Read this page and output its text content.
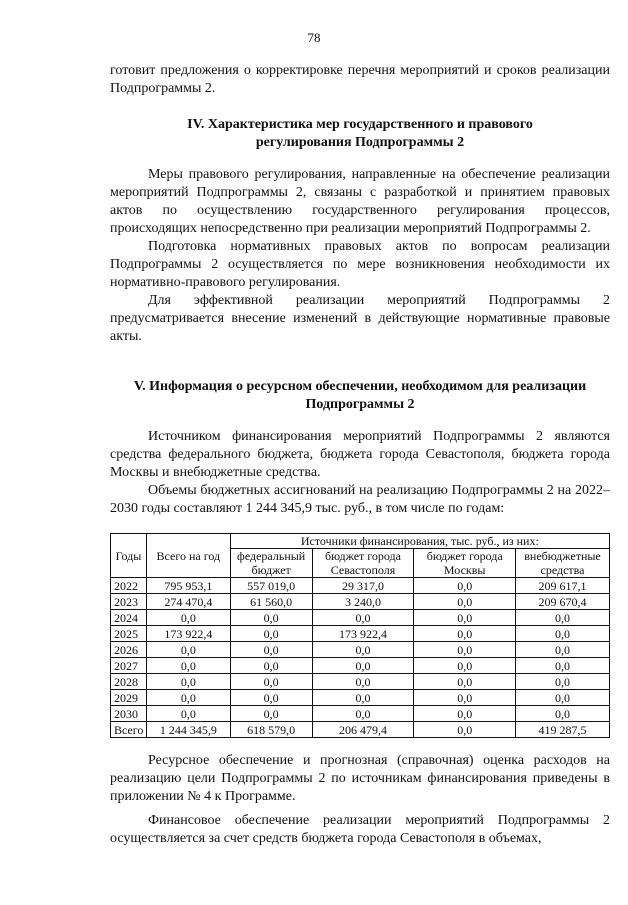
78

готовит предложения о корректировке перечня мероприятий и сроков реализации Подпрограммы 2.

IV. Характеристика мер государственного и правового
регулирования Подпрограммы 2

Меры правового регулирования, направленные на обеспечение реализации мероприятий Подпрограммы 2, связаны с разработкой и принятием правовых актов по осуществлению государственного регулирования процессов, происходящих непосредственно при реализации мероприятий Подпрограммы 2.

Подготовка нормативных правовых актов по вопросам реализации Подпрограммы 2 осуществляется по мере возникновения необходимости их нормативно-правового регулирования.

Для эффективной реализации мероприятий Подпрограммы 2 предусматривается внесение изменений в действующие нормативные правовые акты.

V. Информация о ресурсном обеспечении, необходимом для реализации
Подпрограммы 2

Источником финансирования мероприятий Подпрограммы 2 являются средства федерального бюджета, бюджета города Севастополя, бюджета города Москвы и внебюджетные средства.

Объемы бюджетных ассигнований на реализацию Подпрограммы 2 на 2022–2030 годы составляют 1 244 345,9 тыс. руб., в том числе по годам:

Годы	Всего на год	Источники финансирования, тыс. руб., из них:			
		федеральный бюджет	бюджет города Севастополя	бюджет города Москвы	внебюджетные средства
2022	795 953,1	557 019,0	29 317,0	0,0	209 617,1
2023	274 470,4	61 560,0	3 240,0	0,0	209 670,4
2024	0,0	0,0	0,0	0,0	0,0
2025	173 922,4	0,0	173 922,4	0,0	0,0
2026	0,0	0,0	0,0	0,0	0,0
2027	0,0	0,0	0,0	0,0	0,0
2028	0,0	0,0	0,0	0,0	0,0
2029	0,0	0,0	0,0	0,0	0,0
2030	0,0	0,0	0,0	0,0	0,0
Всего	1 244 345,9	618 579,0	206 479,4	0,0	419 287,5

Ресурсное обеспечение и прогнозная (справочная) оценка расходов на реализацию цели Подпрограммы 2 по источникам финансирования приведены в приложении № 4 к Программе.

Финансовое обеспечение реализации мероприятий Подпрограммы 2 осуществляется за счет средств бюджета города Севастополя в объемах,
